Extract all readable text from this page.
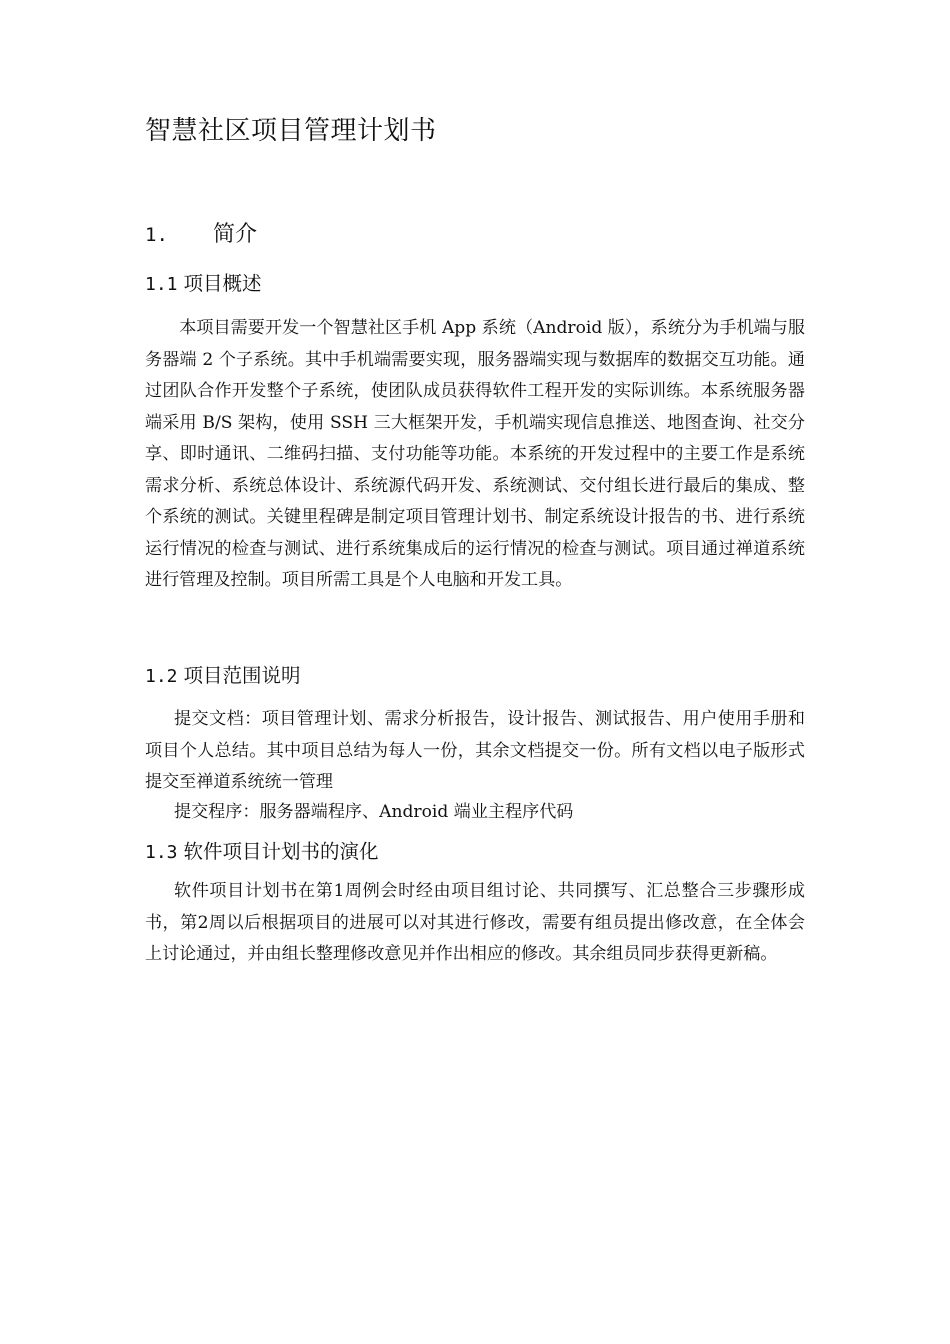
智慧社区项目管理计划书
1. 简介
1.1 项目概述

本项目需要开发一个智慧社区手机 App 系统（Android 版），系统分为手机端与服务器端 2 个子系统。其中手机端需要实现，服务器端实现与数据库的数据交互功能。通过团队合作开发整个子系统，使团队成员获得软件工程开发的实际训练。本系统服务器端采用 B/S 架构，使用 SSH 三大框架开发，手机端实现信息推送、地图查询、社交分享、即时通讯、二维码扫描、支付功能等功能。本系统的开发过程中的主要工作是系统需求分析、系统总体设计、系统源代码开发、系统测试、交付组长进行最后的集成、整个系统的测试。关键里程碑是制定项目管理计划书、制定系统设计报告的书、进行系统运行情况的检查与测试、进行系统集成后的运行情况的检查与测试。项目通过禅道系统进行管理及控制。项目所需工具是个人电脑和开发工具。

1.2 项目范围说明

提交文档：项目管理计划、需求分析报告，设计报告、测试报告、用户使用手册和项目个人总结。其中项目总结为每人一份，其余文档提交一份。所有文档以电子版形式提交至禅道系统统一管理

提交程序：服务器端程序、Android 端业主程序代码

1.3 软件项目计划书的演化

软件项目计划书在第1周例会时经由项目组讨论、共同撰写、汇总整合三步骤形成书，第2周以后根据项目的进展可以对其进行修改，需要有组员提出修改意，在全体会上讨论通过，并由组长整理修改意见并作出相应的修改。其余组员同步获得更新稿。
